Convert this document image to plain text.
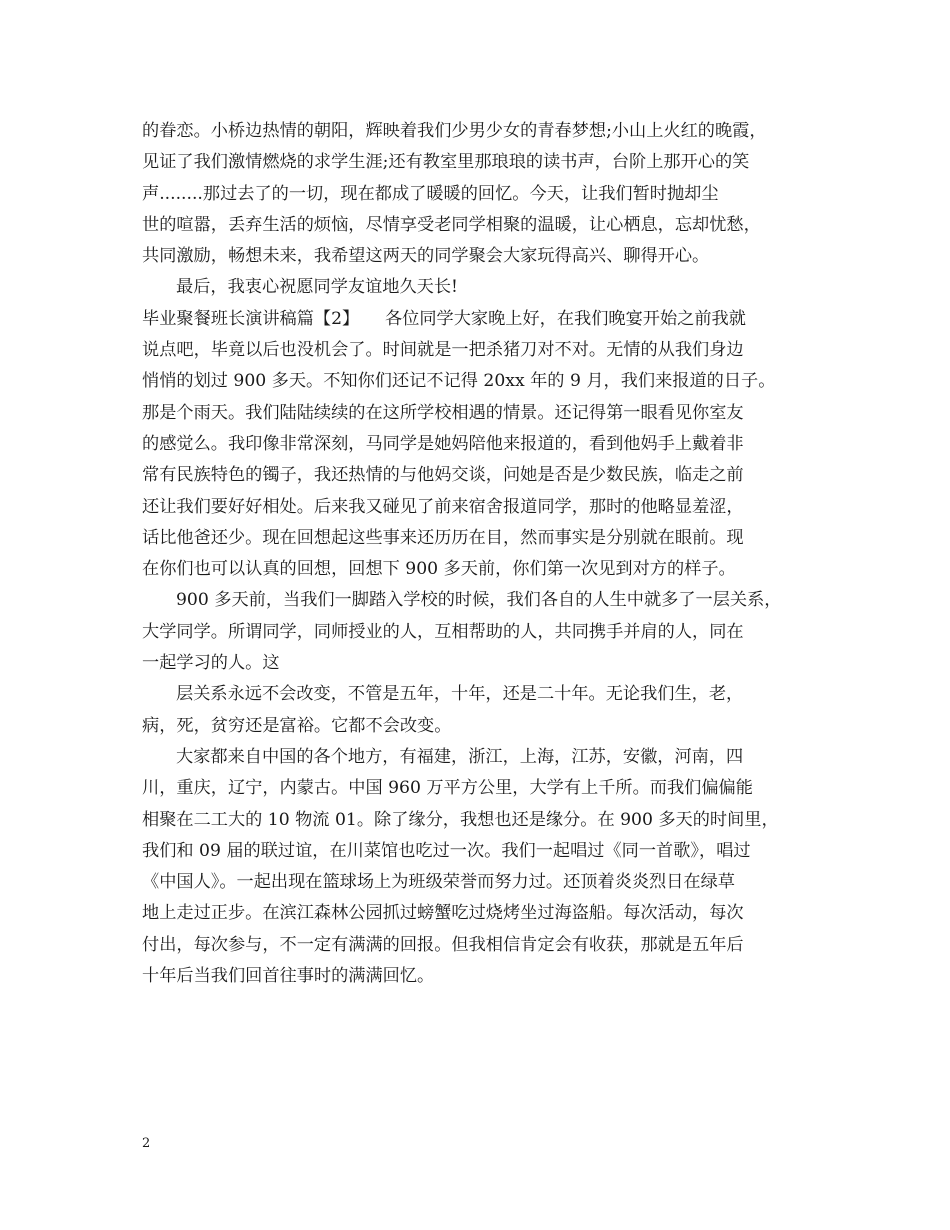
的眷恋。小桥边热情的朝阳，辉映着我们少男少女的青春梦想;小山上火红的晚霞，
见证了我们激情燃烧的求学生涯;还有教室里那琅琅的读书声，台阶上那开心的笑
声........那过去了的一切，现在都成了暖暖的回忆。今天，让我们暂时抛却尘
世的喧嚣，丢弃生活的烦恼，尽情享受老同学相聚的温暖，让心栖息，忘却忧愁，
共同激励，畅想未来，我希望这两天的同学聚会大家玩得高兴、聊得开心。
最后，我衷心祝愿同学友谊地久天长!
毕业聚餐班长演讲稿篇【2】　　各位同学大家晚上好，在我们晚宴开始之前我就
说点吧，毕竟以后也没机会了。时间就是一把杀猪刀对不对。无情的从我们身边
悄悄的划过 900 多天。不知你们还记不记得 20xx 年的 9 月，我们来报道的日子。
那是个雨天。我们陆陆续续的在这所学校相遇的情景。还记得第一眼看见你室友
的感觉么。我印像非常深刻，马同学是她妈陪他来报道的，看到他妈手上戴着非
常有民族特色的镯子，我还热情的与他妈交谈，问她是否是少数民族，临走之前
还让我们要好好相处。后来我又碰见了前来宿舍报道同学，那时的他略显羞涩，
话比他爸还少。现在回想起这些事来还历历在目，然而事实是分别就在眼前。现
在你们也可以认真的回想，回想下 900 多天前，你们第一次见到对方的样子。
900 多天前，当我们一脚踏入学校的时候，我们各自的人生中就多了一层关系，
大学同学。所谓同学，同师授业的人，互相帮助的人，共同携手并肩的人，同在
一起学习的人。这
层关系永远不会改变，不管是五年，十年，还是二十年。无论我们生，老，
病，死，贫穷还是富裕。它都不会改变。
大家都来自中国的各个地方，有福建，浙江，上海，江苏，安徽，河南，四
川，重庆，辽宁，内蒙古。中国 960 万平方公里，大学有上千所。而我们偏偏能
相聚在二工大的 10 物流 01。除了缘分，我想也还是缘分。在 900 多天的时间里，
我们和 09 届的联过谊，在川菜馆也吃过一次。我们一起唱过《同一首歌》，唱过
《中国人》。一起出现在篮球场上为班级荣誉而努力过。还顶着炎炎烈日在绿草
地上走过正步。在滨江森林公园抓过螃蟹吃过烧烤坐过海盗船。每次活动，每次
付出，每次参与，不一定有满满的回报。但我相信肯定会有收获，那就是五年后
十年后当我们回首往事时的满满回忆。
2
